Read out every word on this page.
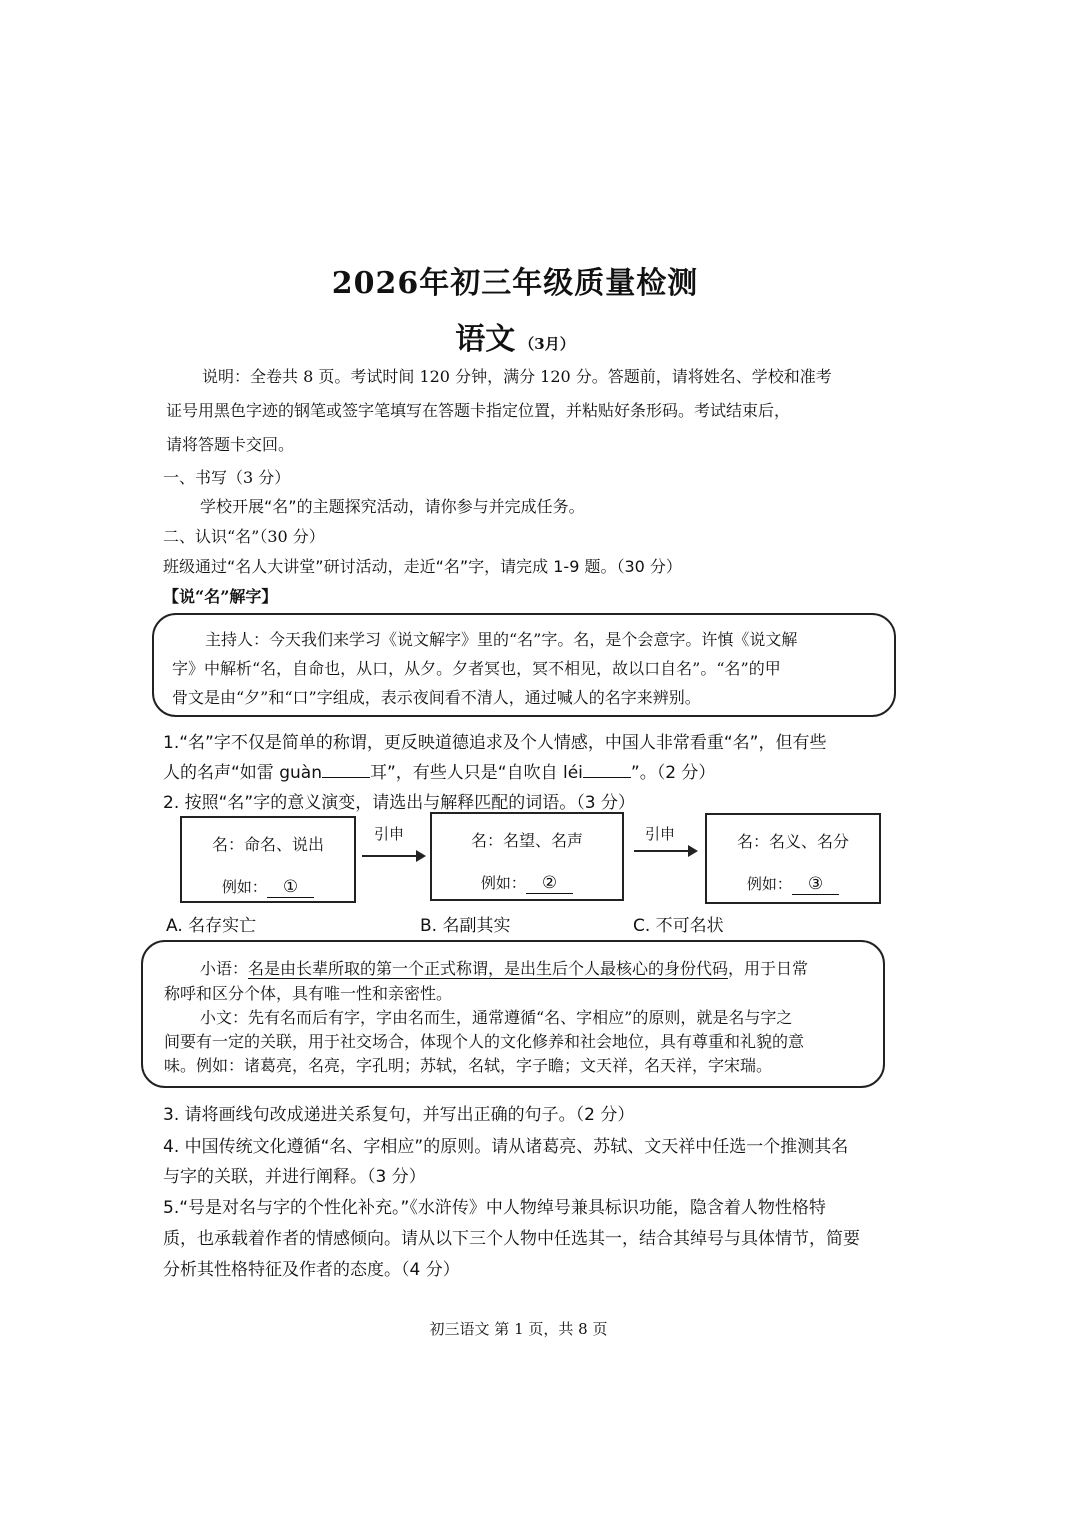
2026年初三年级质量检测
语文 （3月）
说明：全卷共 8 页。考试时间 120 分钟，满分 120 分。答题前，请将姓名、学校和准考
证号用黑色字迹的钢笔或签字笔填写在答题卡指定位置，并粘贴好条形码。考试结束后，
请将答题卡交回。
一、书写（3 分）
学校开展“名”的主题探究活动，请你参与并完成任务。
二、认识“名”（30 分）
班级通过“名人大讲堂”研讨活动，走近“名”字，请完成 1-9 题。（30 分）
【说“名”解字】
主持人：今天我们来学习《说文解字》里的“名”字。名，是个会意字。许慎《说文解
字》中解析“名，自命也，从口，从夕。夕者冥也，冥不相见，故以口自名”。“名”的甲
骨文是由“夕”和“口”字组成，表示夜间看不清人，通过喊人的名字来辨别。
1.“名”字不仅是简单的称谓，更反映道德追求及个人情感，中国人非常看重“名”，但有些
人的名声“如雷 guàn	耳”，有些人只是“自吹自 léi	”。（2 分）
2. 按照“名”字的意义演变，请选出与解释匹配的词语。（3 分）
名：命名、说出
例如： ①
引申	名：名望、名声
例如： ②
引申	名：名义、名分
例如： ③
A. 名存实亡	B. 名副其实	C. 不可名状
小语：名是由长辈所取的第一个正式称谓，是出生后个人最核心的身份代码，用于日常
称呼和区分个体，具有唯一性和亲密性。
小文：先有名而后有字，字由名而生，通常遵循“名、字相应”的原则，就是名与字之
间要有一定的关联，用于社交场合，体现个人的文化修养和社会地位，具有尊重和礼貌的意
味。例如：诸葛亮，名亮，字孔明；苏轼，名轼，字子瞻；文天祥，名天祥，字宋瑞。
3. 请将画线句改成递进关系复句，并写出正确的句子。（2 分）
4. 中国传统文化遵循“名、字相应”的原则。请从诸葛亮、苏轼、文天祥中任选一个推测其名
与字的关联，并进行阐释。（3 分）
5.“号是对名与字的个性化补充。”《水浒传》中人物绰号兼具标识功能，隐含着人物性格特
质，也承载着作者的情感倾向。请从以下三个人物中任选其一，结合其绰号与具体情节，简要
分析其性格特征及作者的态度。（4 分）
初三语文 第 1 页，共 8 页
